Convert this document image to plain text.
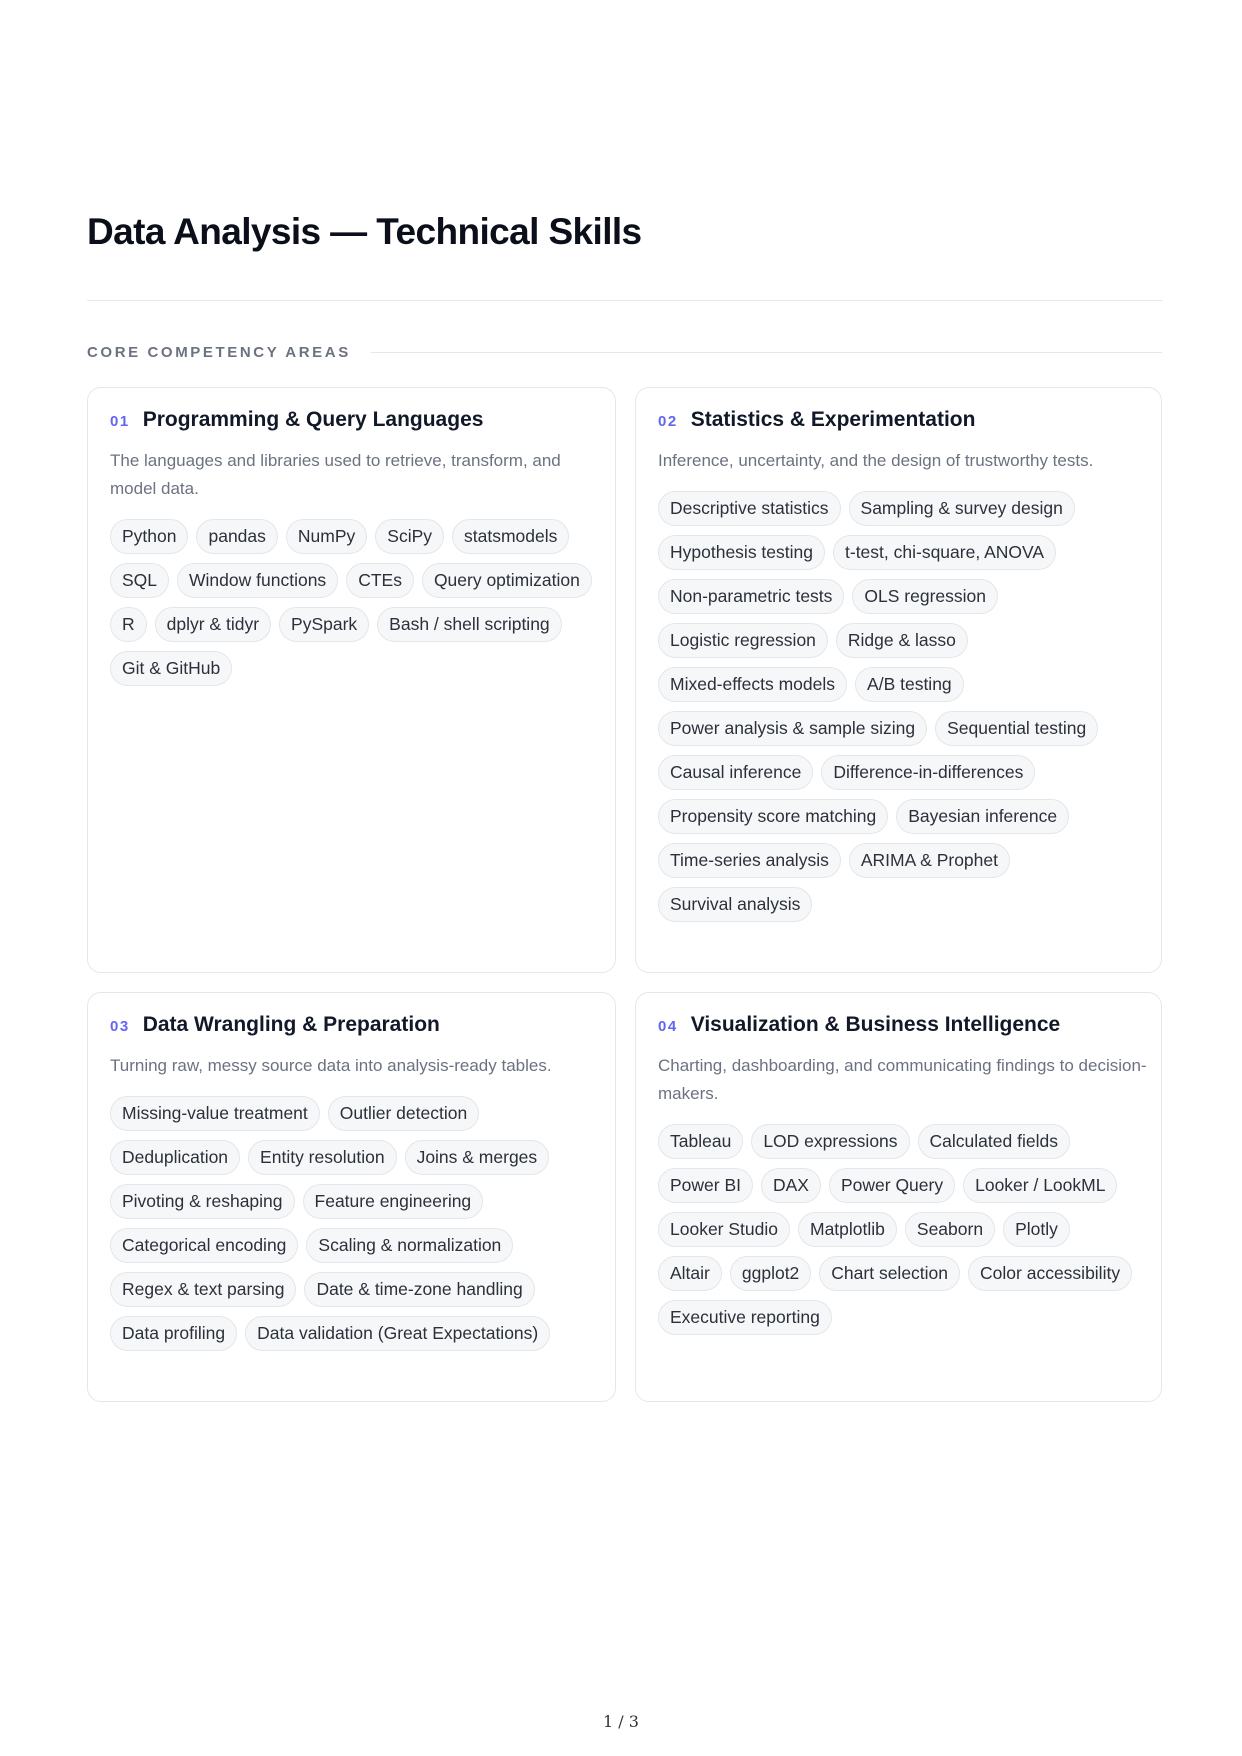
Data Analysis — Technical Skills
CORE COMPETENCY AREAS
01 Programming & Query Languages
The languages and libraries used to retrieve, transform, and model data.
Python	pandas	NumPy	SciPy	statsmodels
SQL	Window functions	CTEs	Query optimization
R	dplyr & tidyr	PySpark	Bash / shell scripting
Git & GitHub
02 Statistics & Experimentation
Inference, uncertainty, and the design of trustworthy tests.
Descriptive statistics	Sampling & survey design
Hypothesis testing	t-test, chi-square, ANOVA
Non-parametric tests	OLS regression
Logistic regression	Ridge & lasso
Mixed-effects models	A/B testing
Power analysis & sample sizing	Sequential testing
Causal inference	Difference-in-differences
Propensity score matching	Bayesian inference
Time-series analysis	ARIMA & Prophet
Survival analysis
03 Data Wrangling & Preparation
Turning raw, messy source data into analysis-ready tables.
Missing-value treatment	Outlier detection
Deduplication	Entity resolution	Joins & merges
Pivoting & reshaping	Feature engineering
Categorical encoding	Scaling & normalization
Regex & text parsing	Date & time-zone handling
Data profiling	Data validation (Great Expectations)
04 Visualization & Business Intelligence
Charting, dashboarding, and communicating findings to decision-makers.
Tableau	LOD expressions	Calculated fields
Power BI	DAX	Power Query	Looker / LookML
Looker Studio	Matplotlib	Seaborn	Plotly
Altair	ggplot2	Chart selection	Color accessibility
Executive reporting
1 / 3
